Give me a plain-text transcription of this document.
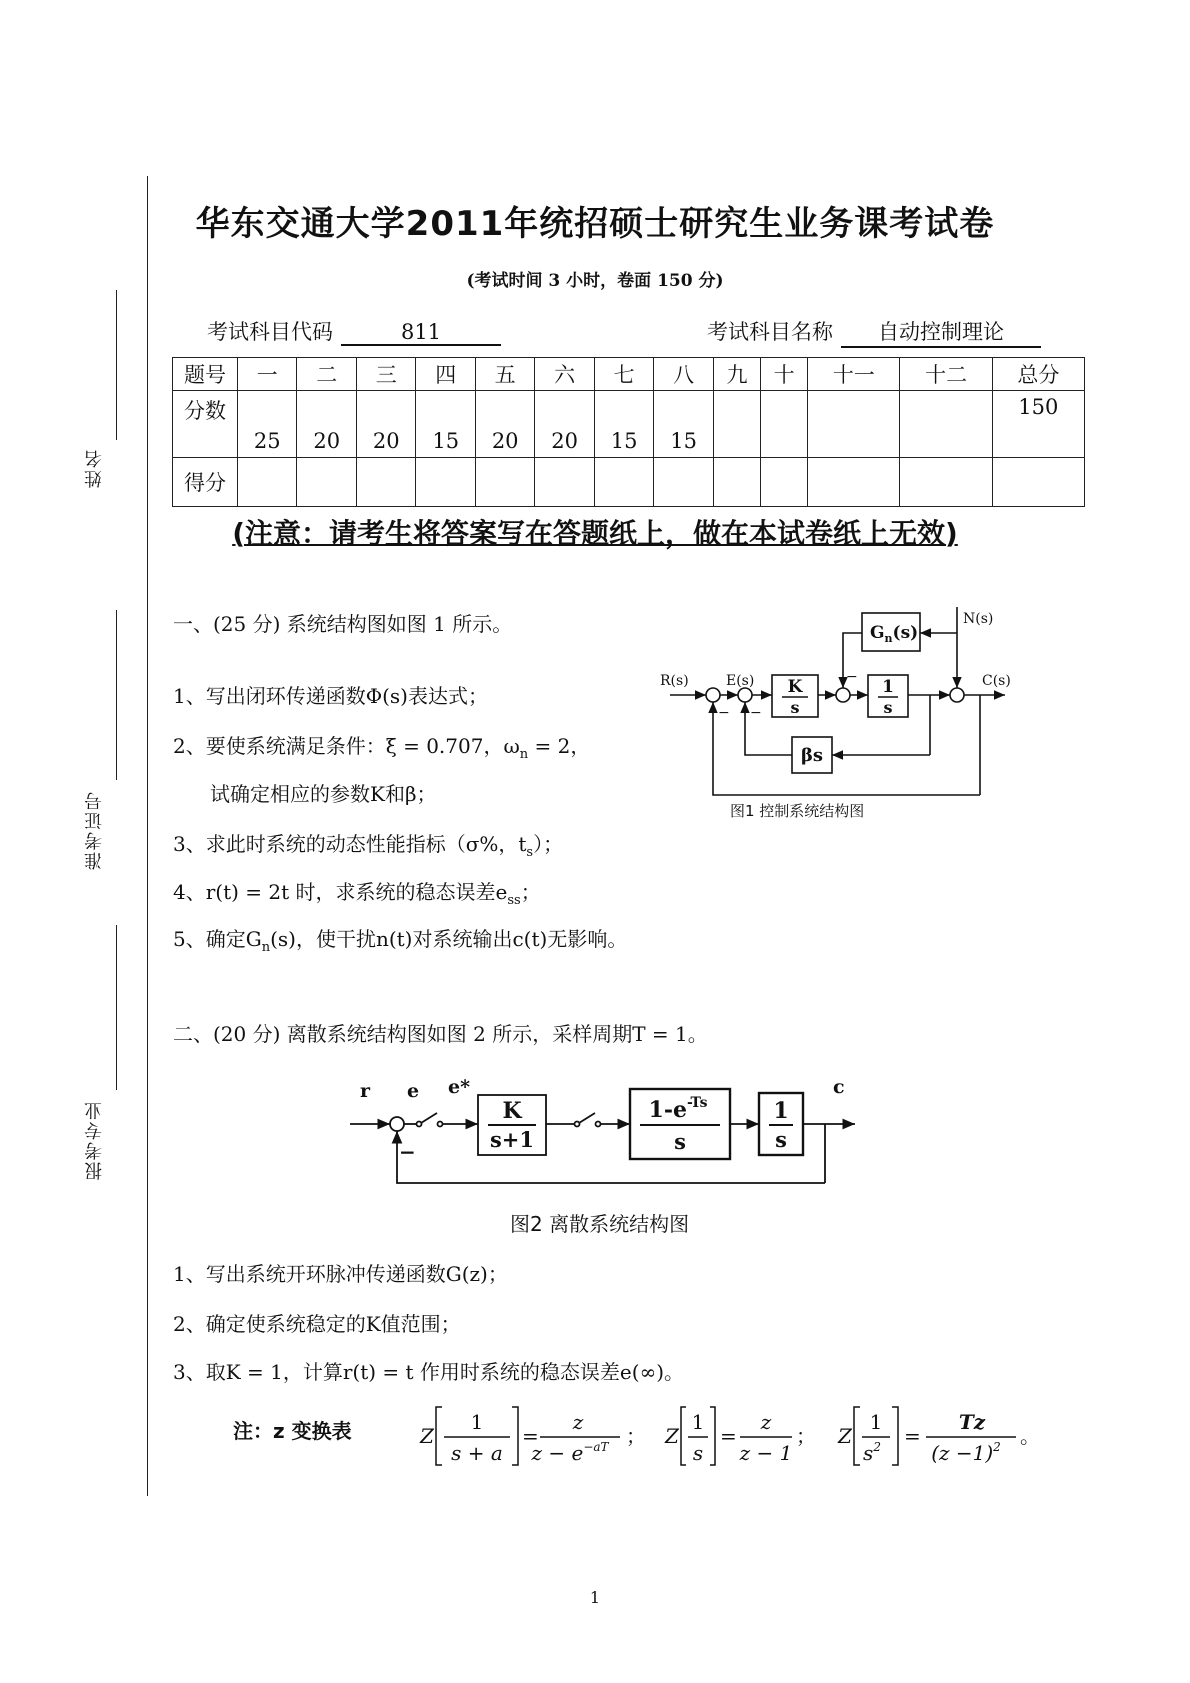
姓名
准考证号
报考专业
华东交通大学2011年统招硕士研究生业务课考试卷
(考试时间 3 小时，卷面 150 分)
考试科目代码	811	考试科目名称 自动控制理论
题号	一	二	三	四	五	六	七	八	九	十	十一	十二	总分
分数	25	20	20	15	20	20	15	15					150
得分													
(注意：请考生将答案写在答题纸上，做在本试卷纸上无效)
一、(25 分) 系统结构图如图 1 所示。
1、写出闭环传递函数Φ(s)表达式；
2、要使系统满足条件：ξ = 0.707，$\omega_n = 2$，
试确定相应的参数K和β；
3、求此时系统的动态性能指标（σ%，$t_s$）；
4、r(t) = 2t 时，求系统的稳态误差$e_{ss}$；
5、确定$G_n(s)$，使干扰n(t)对系统输出c(t)无影响。
R(s)	E(s)
N(s)
C(s)
$G_n(s)$
K
s
1
s
βs
− −
−
图1 控制系统结构图
二、(20 分) 离散系统结构图如图 2 所示，采样周期T = 1。
r e e*	c
−
K
s+1
$1-e^{-Ts}$
s
1
s
图2 离散系统结构图
1、写出系统开环脉冲传递函数G(z)；
2、确定使系统稳定的K值范围；
3、取K = 1，计算r(t) = t 作用时系统的稳态误差e(∞)。
注：z 变换表	Z
1
s + a
=
z
$z - e^{-aT}$ ； Z
1
s
=
z
z − 1
； Z
1
$s^2$ =
Tz
$(z -1)^2$ 。
1
